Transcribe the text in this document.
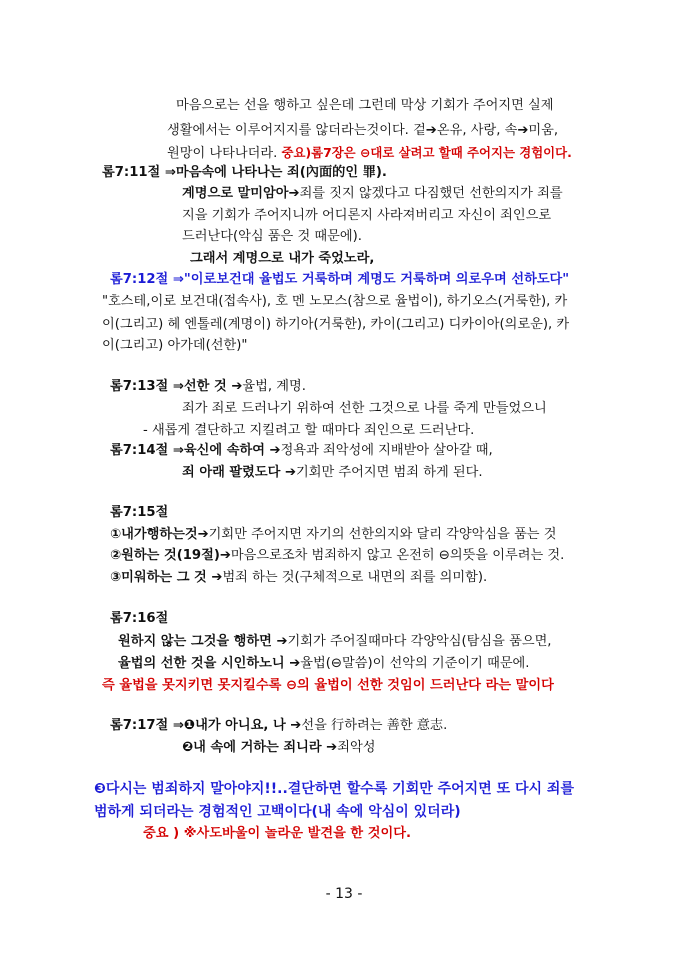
마음으로는 선을 행하고 싶은데 그런데 막상 기회가 주어지면 실제
생활에서는 이루어지지를 않더라는것이다. 겉➔온유, 사랑, 속➔미움,
원망이 나타나더라. 중요)롬7장은 ⊖대로 살려고 할때 주어지는 경험이다.
롬7:11절 ⇒마음속에 나타나는 죄(內面的인 罪).
계명으로 말미암아➔죄를 짓지 않겠다고 다짐했던 선한의지가 죄를
지을 기회가 주어지니까 어디론지 사라져버리고 자신이 죄인으로
드러난다(악심 품은 것 때문에).
그래서 계명으로 내가 죽었노라,
롬7:12절 ⇒"이로보건대 율법도 거룩하며 계명도 거룩하며 의로우며 선하도다"
"호스테,이로 보건대(접속사), 호 멘 노모스(참으로 율법이), 하기오스(거룩한), 카
이(그리고) 헤 엔톨레(계명이) 하기아(거룩한), 카이(그리고) 디카이아(의로운), 카
이(그리고) 아가데(선한)"
롬7:13절 ⇒선한 것 ➔율법, 계명.
죄가 죄로 드러나기 위하여 선한 그것으로 나를 죽게 만들었으니
- 새롭게 결단하고 지킬려고 할 때마다 죄인으로 드러난다.
롬7:14절 ⇒육신에 속하여 ➔정욕과 죄악성에 지배받아 살아갈 때,
죄 아래 팔렸도다 ➔기회만 주어지면 범죄 하게 된다.
롬7:15절
①내가행하는것➔기회만 주어지면 자기의 선한의지와 달리 각양악심을 품는 것
②원하는 것(19절)➔마음으로조차 범죄하지 않고 온전히 ⊖의뜻을 이루려는 것.
③미워하는 그 것 ➔범죄 하는 것(구체적으로 내면의 죄를 의미함).
롬7:16절
원하지 않는 그것을 행하면 ➔기회가 주어질때마다 각양악심(탐심을 품으면,
율법의 선한 것을 시인하노니 ➔율법(⊖말씀)이 선악의 기준이기 때문에.
즉 율법을 못지키면 못지킬수록 ⊖의 율법이 선한 것임이 드러난다 라는 말이다
롬7:17절 ⇒❶내가 아니요, 나 ➔선을 行하려는 善한 意志.
❷내 속에 거하는 죄니라 ➔죄악성
❸다시는 범죄하지 말아야지!!..결단하면 할수록 기회만 주어지면 또 다시 죄를
범하게 되더라는 경험적인 고백이다(내 속에 악심이 있더라)
중요 ) ※사도바울이 놀라운 발견을 한 것이다.
- 13 -
